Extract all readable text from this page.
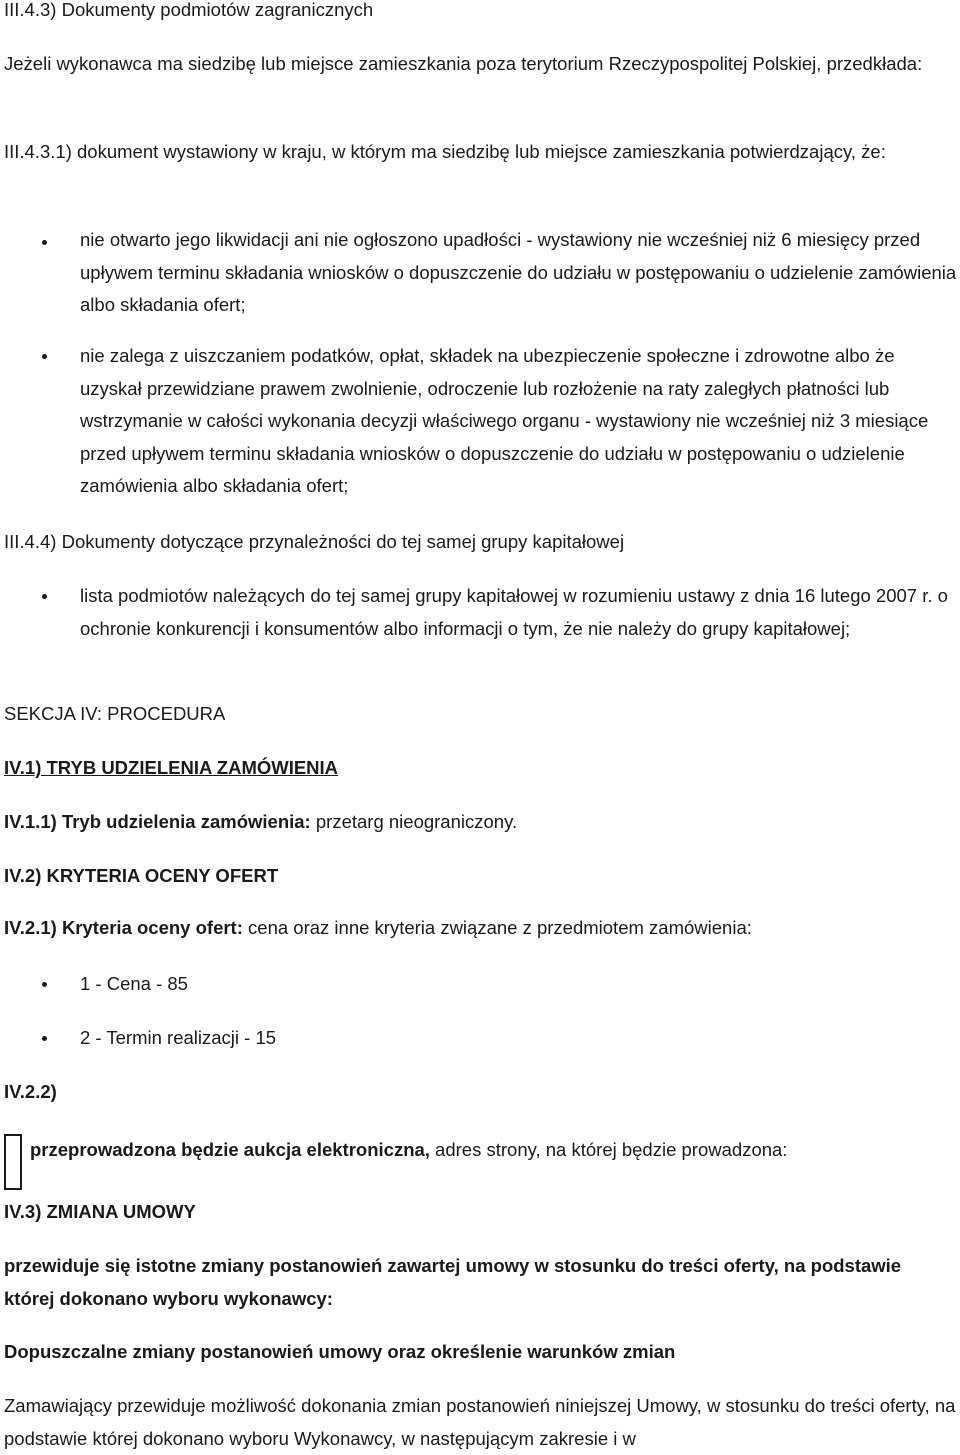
III.4.3) Dokumenty podmiotów zagranicznych

Jeżeli wykonawca ma siedzibę lub miejsce zamieszkania poza terytorium Rzeczypospolitej Polskiej, przedkłada:

III.4.3.1) dokument wystawiony w kraju, w którym ma siedzibę lub miejsce zamieszkania potwierdzający, że:

nie otwarto jego likwidacji ani nie ogłoszono upadłości - wystawiony nie wcześniej niż 6 miesięcy przed upływem terminu składania wniosków o dopuszczenie do udziału w postępowaniu o udzielenie zamówienia albo składania ofert;

nie zalega z uiszczaniem podatków, opłat, składek na ubezpieczenie społeczne i zdrowotne albo że uzyskał przewidziane prawem zwolnienie, odroczenie lub rozłożenie na raty zaległych płatności lub wstrzymanie w całości wykonania decyzji właściwego organu - wystawiony nie wcześniej niż 3 miesiące przed upływem terminu składania wniosków o dopuszczenie do udziału w postępowaniu o udzielenie zamówienia albo składania ofert;

III.4.4) Dokumenty dotyczące przynależności do tej samej grupy kapitałowej

lista podmiotów należących do tej samej grupy kapitałowej w rozumieniu ustawy z dnia 16 lutego 2007 r. o ochronie konkurencji i konsumentów albo informacji o tym, że nie należy do grupy kapitałowej;

SEKCJA IV: PROCEDURA

IV.1) TRYB UDZIELENIA ZAMÓWIENIA

IV.1.1) Tryb udzielenia zamówienia: przetarg nieograniczony.

IV.2) KRYTERIA OCENY OFERT

IV.2.1) Kryteria oceny ofert: cena oraz inne kryteria związane z przedmiotem zamówienia:

1 - Cena - 85

2 - Termin realizacji - 15

IV.2.2)

przeprowadzona będzie aukcja elektroniczna, adres strony, na której będzie prowadzona:

IV.3) ZMIANA UMOWY

przewiduje się istotne zmiany postanowień zawartej umowy w stosunku do treści oferty, na podstawie której dokonano wyboru wykonawcy:

Dopuszczalne zmiany postanowień umowy oraz określenie warunków zmian

Zamawiający przewiduje możliwość dokonania zmian postanowień niniejszej Umowy, w stosunku do treści oferty, na podstawie której dokonano wyboru Wykonawcy, w następującym zakresie i w
